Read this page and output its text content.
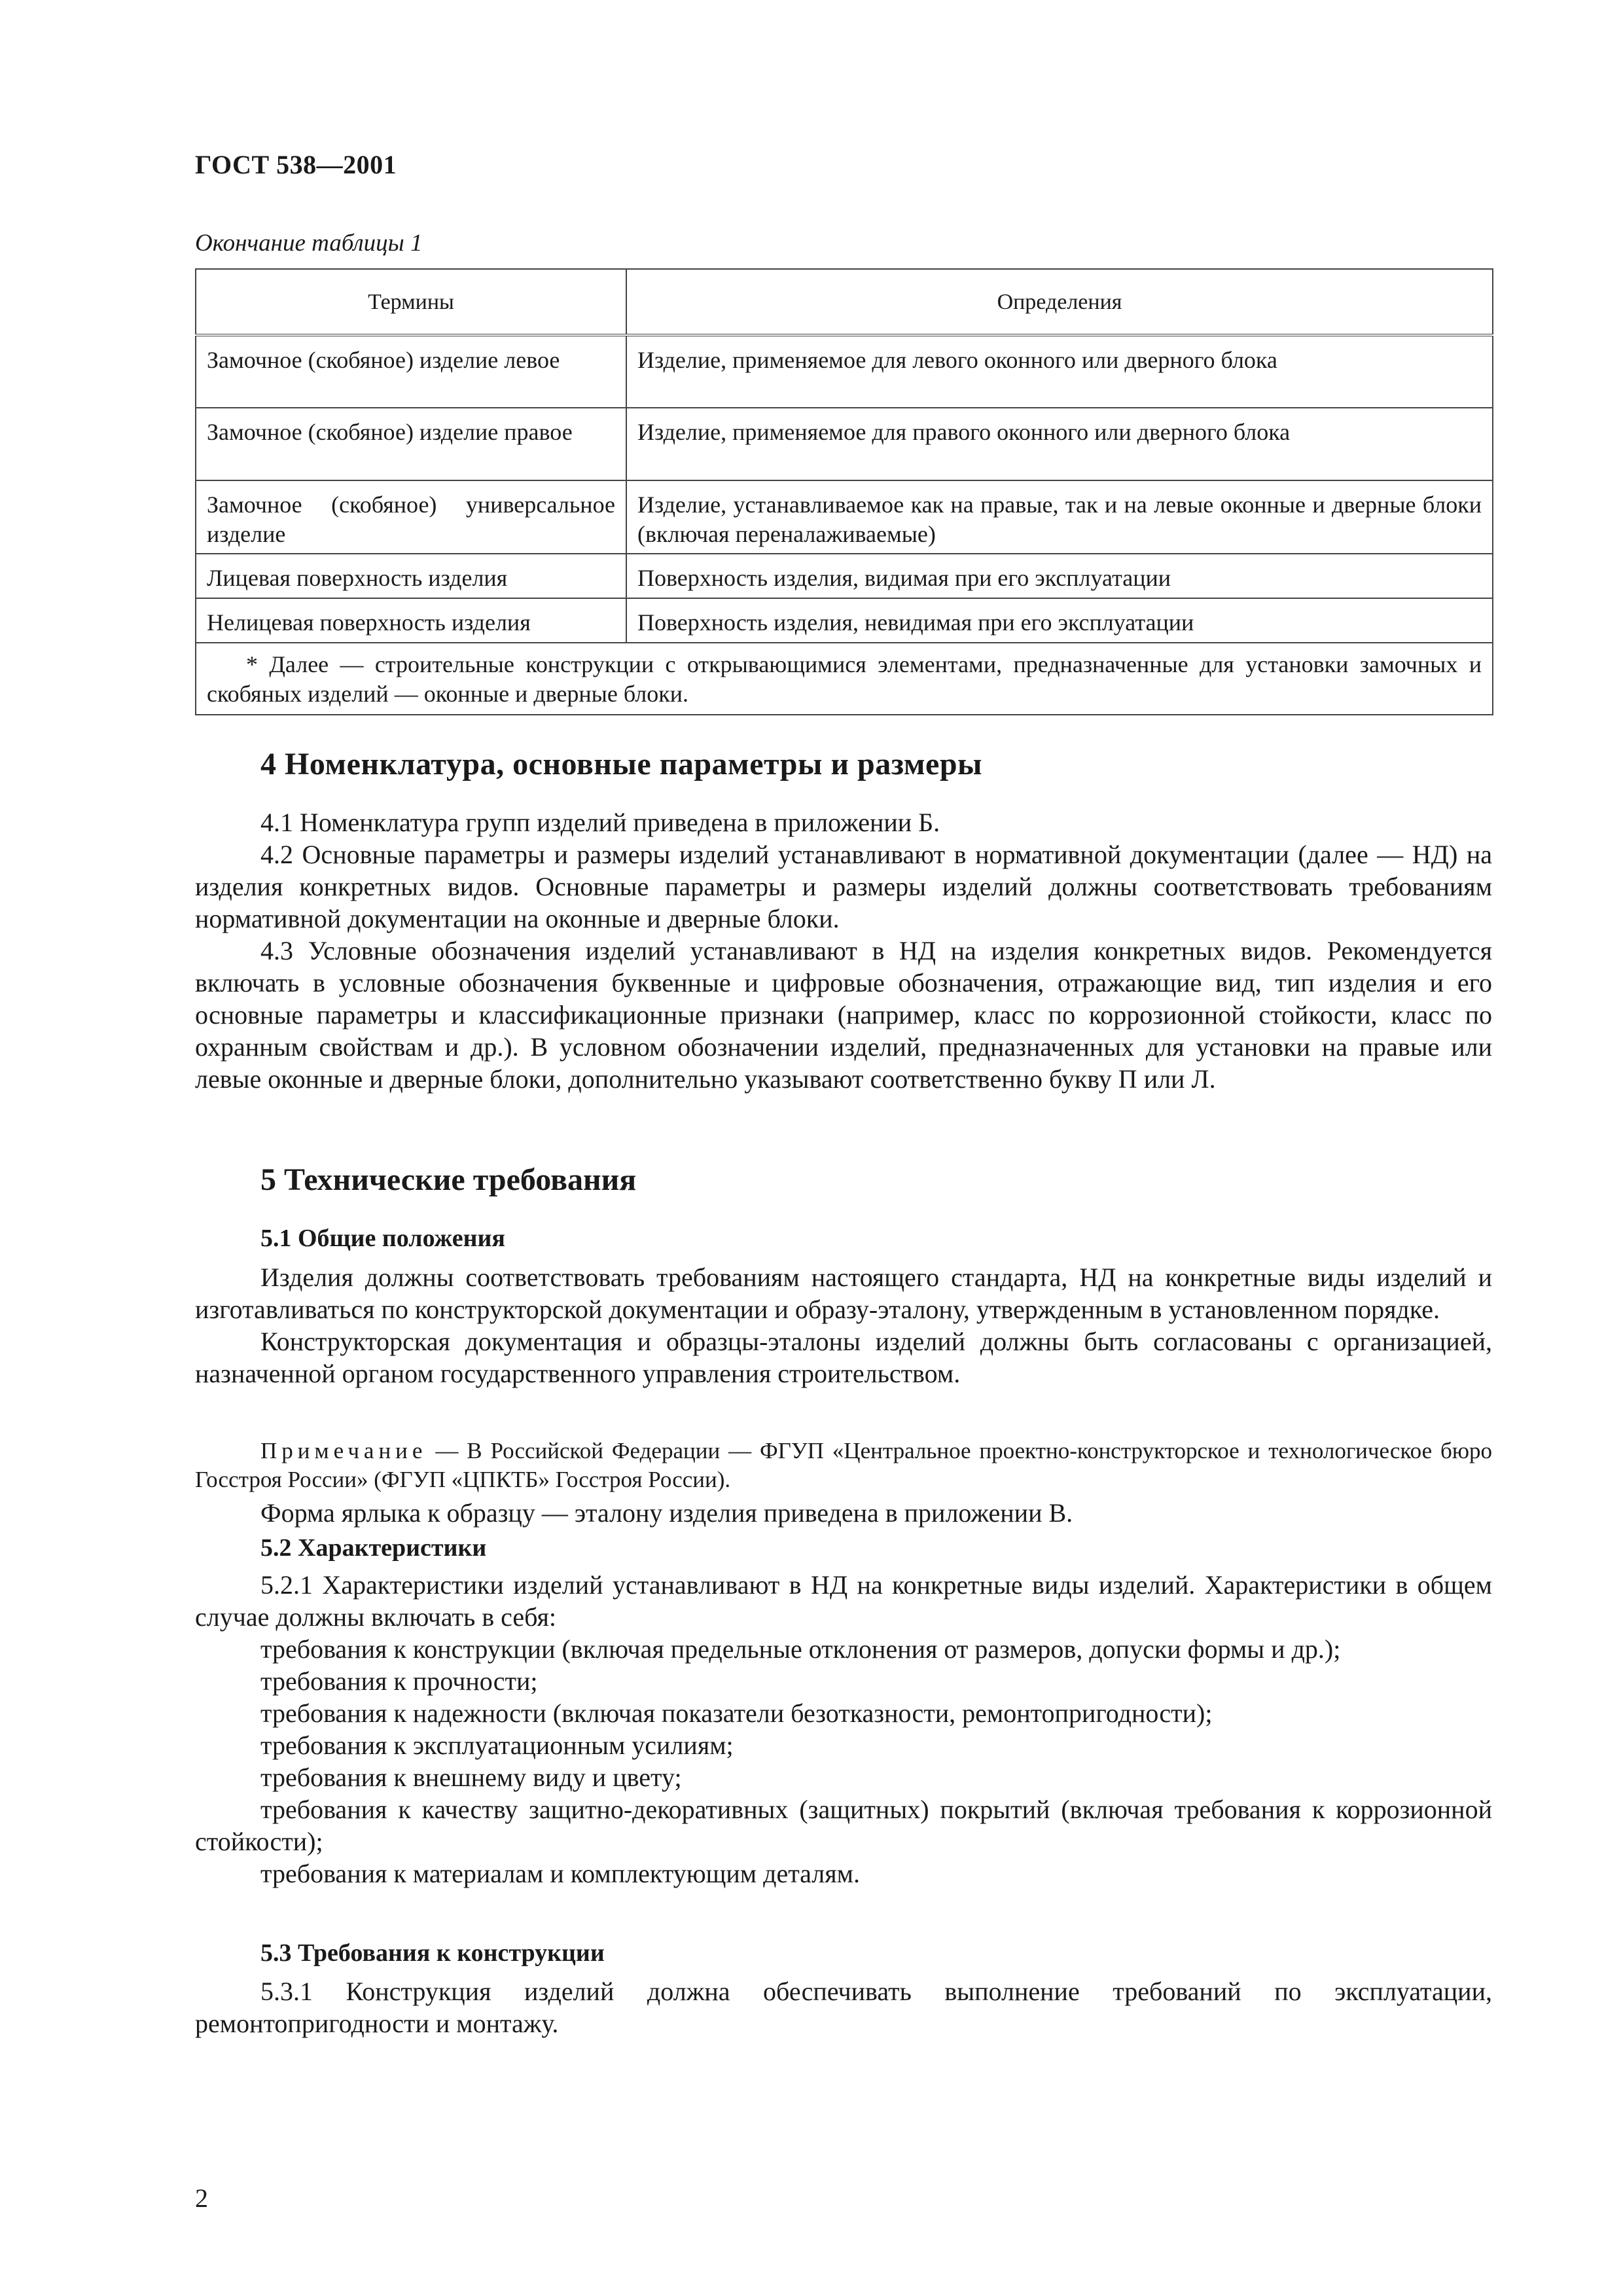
ГОСТ 538—2001
Окончание таблицы 1
Термины	Определения
Замочное (скобяное) изделие левое	Изделие, применяемое для левого оконного или дверного блока
Замочное (скобяное) изделие правое	Изделие, применяемое для правого оконного или дверного блока
Замочное (скобяное) универсальное изделие	Изделие, устанавливаемое как на правые, так и на левые оконные и дверные блоки (включая переналаживаемые)
Лицевая поверхность изделия	Поверхность изделия, видимая при его эксплуатации
Нелицевая поверхность изделия	Поверхность изделия, невидимая при его эксплуатации
* Далее — строительные конструкции с открывающимися элементами, предназначенные для установки замочных и скобяных изделий — оконные и дверные блоки.	
4 Номенклатура, основные параметры и размеры

4.1 Номенклатура групп изделий приведена в приложении Б.

4.2 Основные параметры и размеры изделий устанавливают в нормативной документации (далее — НД) на изделия конкретных видов. Основные параметры и размеры изделий должны соответствовать требованиям нормативной документации на оконные и дверные блоки.

4.3 Условные обозначения изделий устанавливают в НД на изделия конкретных видов. Рекомендуется включать в условные обозначения буквенные и цифровые обозначения, отражающие вид, тип изделия и его основные параметры и классификационные признаки (например, класс по коррозионной стойкости, класс по охранным свойствам и др.). В условном обозначении изделий, предназначенных для установки на правые или левые оконные и дверные блоки, дополнительно указывают соответственно букву П или Л.

5 Технические требования
5.1 Общие положения

Изделия должны соответствовать требованиям настоящего стандарта, НД на конкретные виды изделий и изготавливаться по конструкторской документации и образу-эталону, утвержденным в установленном порядке.

Конструкторская документация и образцы-эталоны изделий должны быть согласованы с организацией, назначенной органом государственного управления строительством.

Примечание — В Российской Федерации — ФГУП «Центральное проектно-конструкторское и технологическое бюро Госстроя России» (ФГУП «ЦПКТБ» Госстроя России).

Форма ярлыка к образцу — эталону изделия приведена в приложении В.

5.2 Характеристики

5.2.1 Характеристики изделий устанавливают в НД на конкретные виды изделий. Характеристики в общем случае должны включать в себя:

требования к конструкции (включая предельные отклонения от размеров, допуски формы и др.);

требования к прочности;

требования к надежности (включая показатели безотказности, ремонтопригодности);

требования к эксплуатационным усилиям;

требования к внешнему виду и цвету;

требования к качеству защитно-декоративных (защитных) покрытий (включая требования к коррозионной стойкости);

требования к материалам и комплектующим деталям.

5.3 Требования к конструкции

5.3.1 Конструкция изделий должна обеспечивать выполнение требований по эксплуатации, ремонтопригодности и монтажу.

2
